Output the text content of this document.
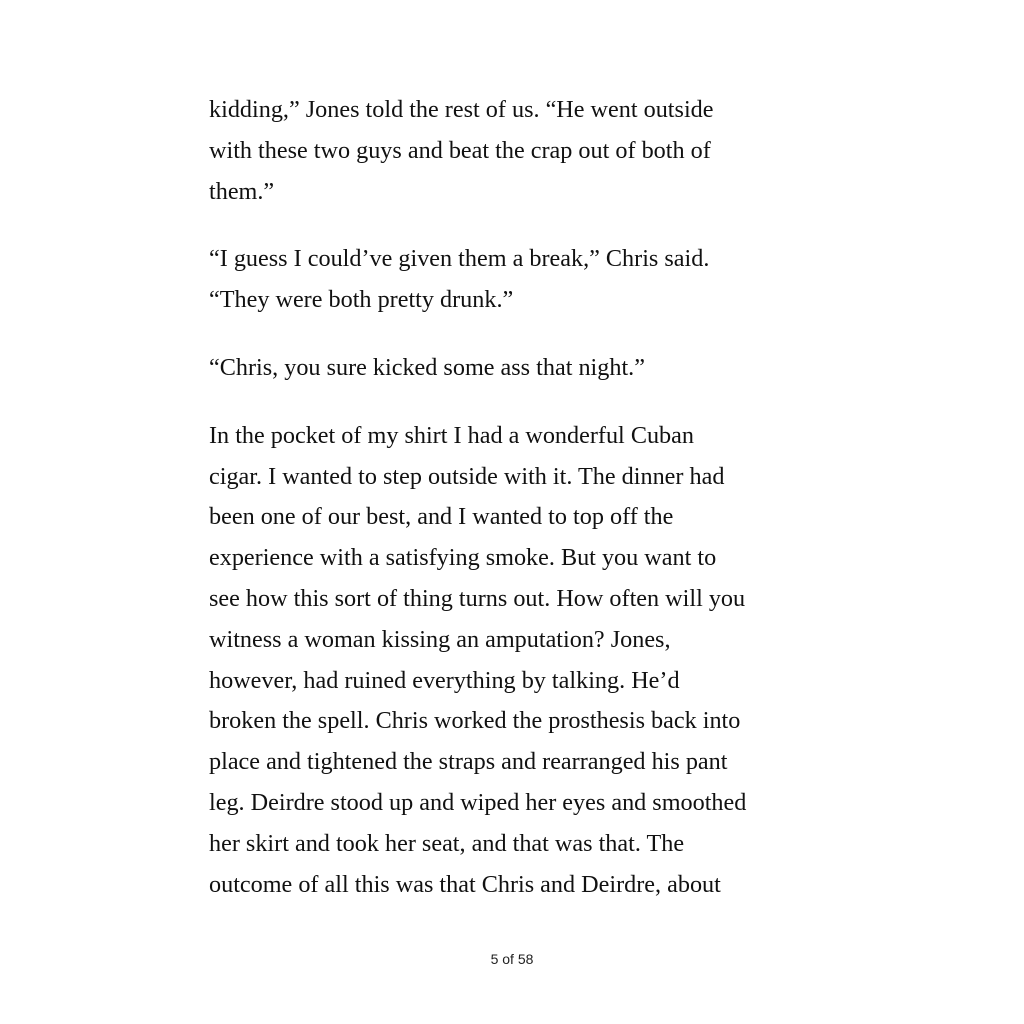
kidding,” Jones told the rest of us. “He went outside
with these two guys and beat the crap out of both of
them.”

“I guess I could’ve given them a break,” Chris said.
“They were both pretty drunk.”

“Chris, you sure kicked some ass that night.”

In the pocket of my shirt I had a wonderful Cuban
cigar. I wanted to step outside with it. The dinner had
been one of our best, and I wanted to top off the
experience with a satisfying smoke. But you want to
see how this sort of thing turns out. How often will you
witness a woman kissing an amputation? Jones,
however, had ruined everything by talking. He’d
broken the spell. Chris worked the prosthesis back into
place and tightened the straps and rearranged his pant
leg. Deirdre stood up and wiped her eyes and smoothed
her skirt and took her seat, and that was that. The
outcome of all this was that Chris and Deirdre, about

5 of 58
